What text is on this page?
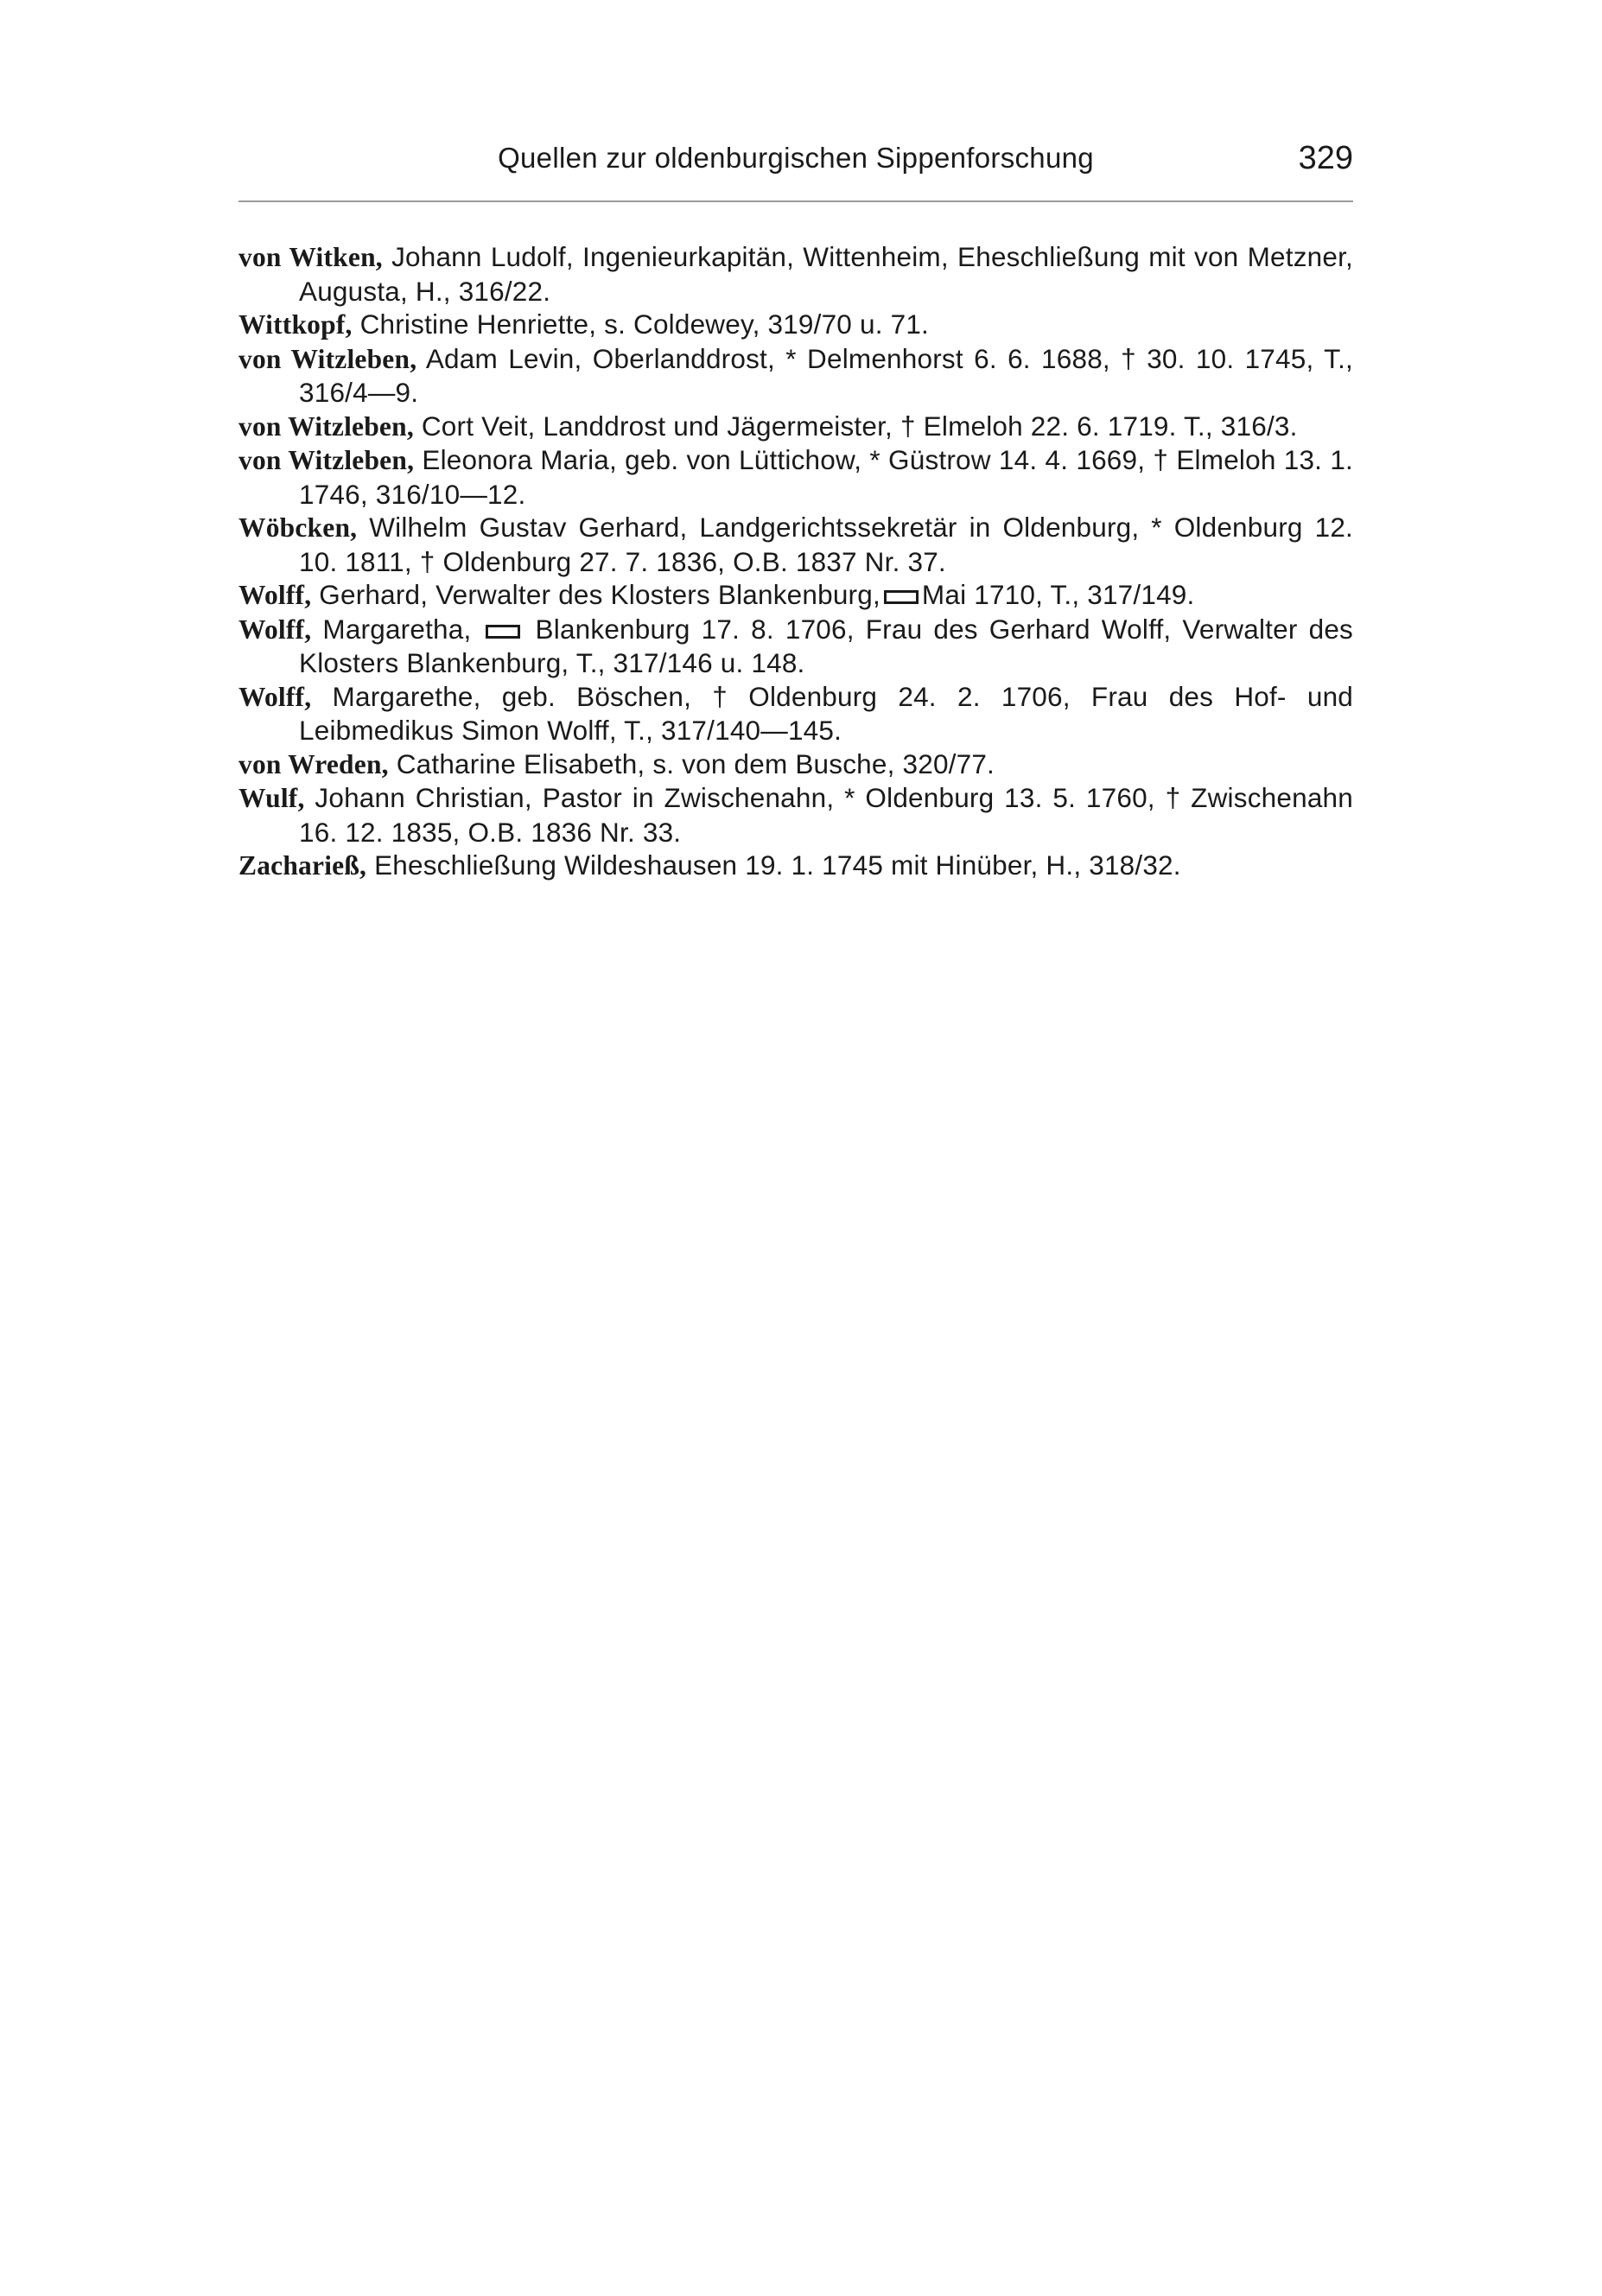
Quellen zur oldenburgischen Sippenforschung	329
von Witken, Johann Ludolf, Ingenieurkapitän, Wittenheim, Eheschließung mit von Metzner, Augusta, H., 316/22.
Wittkopf, Christine Henriette, s. Coldewey, 319/70 u. 71.
von Witzleben, Adam Levin, Oberlanddrost, * Delmenhorst 6. 6. 1688, † 30. 10. 1745, T., 316/4—9.
von Witzleben, Cort Veit, Landdrost und Jägermeister, † Elmeloh 22. 6. 1719. T., 316/3.
von Witzleben, Eleonora Maria, geb. von Lüttichow, * Güstrow 14. 4. 1669, † Elmeloh 13. 1. 1746, 316/10—12.
Wöbcken, Wilhelm Gustav Gerhard, Landgerichtssekretär in Oldenburg, * Oldenburg 12. 10. 1811, † Oldenburg 27. 7. 1836, O.B. 1837 Nr. 37.
Wolff, Gerhard, Verwalter des Klosters Blankenburg, Mai 1710, T., 317/149.
Wolff, Margaretha,  Blankenburg 17. 8. 1706, Frau des Gerhard Wolff, Verwalter des Klosters Blankenburg, T., 317/146 u. 148.
Wolff, Margarethe, geb. Böschen, † Oldenburg 24. 2. 1706, Frau des Hof- und Leibmedikus Simon Wolff, T., 317/140—145.
von Wreden, Catharine Elisabeth, s. von dem Busche, 320/77.
Wulf, Johann Christian, Pastor in Zwischenahn, * Oldenburg 13. 5. 1760, † Zwischenahn 16. 12. 1835, O.B. 1836 Nr. 33.
Zacharieß, Eheschließung Wildeshausen 19. 1. 1745 mit Hinüber, H., 318/32.
